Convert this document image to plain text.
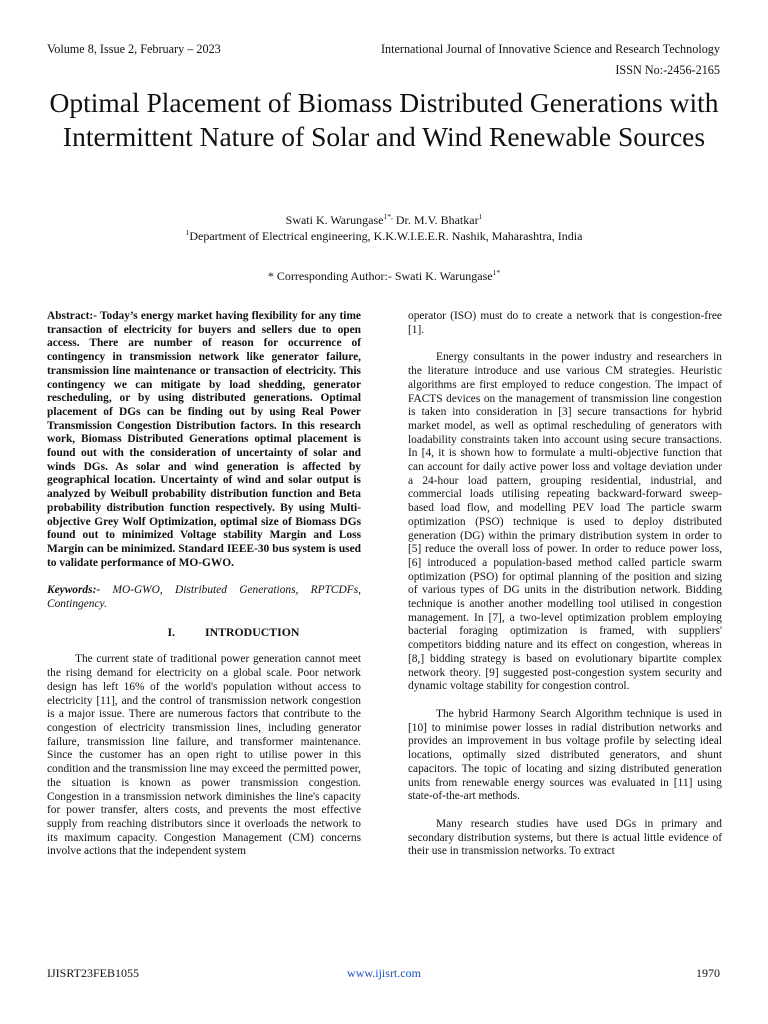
Volume 8, Issue 2, February – 2023	International Journal of Innovative Science and Research Technology
ISSN No:-2456-2165
Optimal Placement of Biomass Distributed Generations with Intermittent Nature of Solar and Wind Renewable Sources
Swati K. Warungase$^{1*,}$ Dr. M.V. Bhatkar$^1$
$^1$Department of Electrical engineering, K.K.W.I.E.E.R. Nashik, Maharashtra, India
* Corresponding Author:- Swati K. Warungase$^{1*}$

Abstract:- Today’s energy market having flexibility for any time transaction of electricity for buyers and sellers due to open access. There are number of reason for occurrence of contingency in transmission network like generator failure, transmission line maintenance or transaction of electricity. This contingency we can mitigate by load shedding, generator rescheduling, or by using distributed generations. Optimal placement of DGs can be finding out by using Real Power Transmission Congestion Distribution factors. In this research work, Biomass Distributed Generations optimal placement is found out with the consideration of uncertainty of solar and winds DGs. As solar and wind generation is affected by geographical location. Uncertainty of wind and solar output is analyzed by Weibull probability distribution function and Beta probability distribution function respectively. By using Multi-objective Grey Wolf Optimization, optimal size of Biomass DGs found out to minimized Voltage stability Margin and Loss Margin can be minimized. Standard IEEE-30 bus system is used to validate performance of MO-GWO.

Keywords:- MO-GWO, Distributed Generations, RPTCDFs, Contingency.

I.	INTRODUCTION

The current state of traditional power generation cannot meet the rising demand for electricity on a global scale. Poor network design has left 16% of the world's population without access to electricity [11], and the control of transmission network congestion is a major issue. There are numerous factors that contribute to the congestion of electricity transmission lines, including generator failure, transmission line failure, and transformer maintenance. Since the customer has an open right to utilise power in this condition and the transmission line may exceed the permitted power, the situation is known as power transmission congestion. Congestion in a transmission network diminishes the line's capacity for power transfer, alters costs, and prevents the most effective supply from reaching distributors since it overloads the network to its maximum capacity. Congestion Management (CM) concerns involve actions that the independent system

operator (ISO) must do to create a network that is congestion-free [1].

Energy consultants in the power industry and researchers in the literature introduce and use various CM strategies. Heuristic algorithms are first employed to reduce congestion. The impact of FACTS devices on the management of transmission line congestion is taken into consideration in [3] secure transactions for hybrid market model, as well as optimal rescheduling of generators with loadability constraints taken into account using secure transactions. In [4, it is shown how to formulate a multi-objective function that can account for daily active power loss and voltage deviation under a 24-hour load pattern, grouping residential, industrial, and commercial loads utilising repeating backward-forward sweep-based load flow, and modelling PEV load The particle swarm optimization (PSO) technique is used to deploy distributed generation (DG) within the primary distribution system in order to [5] reduce the overall loss of power. In order to reduce power loss, [6] introduced a population-based method called particle swarm optimization (PSO) for optimal planning of the position and sizing of various types of DG units in the distribution network. Bidding technique is another another modelling tool utilised in congestion management. In [7], a two-level optimization problem employing bacterial foraging optimization is framed, with suppliers' competitors bidding nature and its effect on congestion, whereas in [8,] bidding strategy is based on evolutionary bipartite complex network theory. [9] suggested post-congestion system security and dynamic voltage stability for congestion control.

The hybrid Harmony Search Algorithm technique is used in [10] to minimise power losses in radial distribution networks and provides an improvement in bus voltage profile by selecting ideal locations, optimally sized distributed generators, and shunt capacitors. The topic of locating and sizing distributed generation units from renewable energy sources was evaluated in [11] using state-of-the-art methods.

Many research studies have used DGs in primary and secondary distribution systems, but there is actual little evidence of their use in transmission networks. To extract

IJISRT23FEB1055	www.ijisrt.com	1970
